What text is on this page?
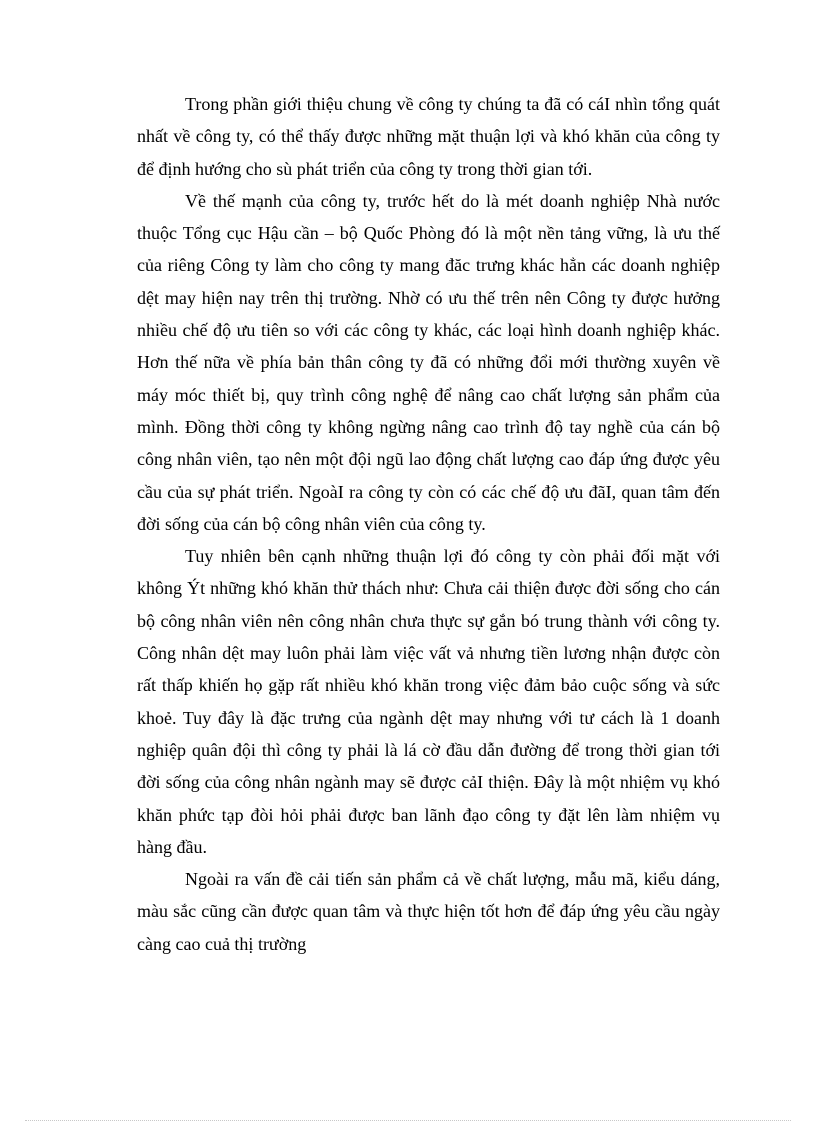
Trong phần giới thiệu chung về công ty chúng ta đã có cáI nhìn tổng quát nhất về công ty, có thể thấy được những mặt thuận lợi và khó khăn của công ty để định hướng cho sù phát triển của công ty trong thời gian tới.

Về thế mạnh của công ty, trước hết do là mét doanh nghiệp Nhà nước thuộc Tổng cục Hậu cần – bộ Quốc Phòng đó là một nền tảng vững, là ưu thế của riêng Công ty làm cho công ty mang đăc trưng khác hẳn các doanh nghiệp dệt may hiện nay trên thị trường. Nhờ có ưu thế trên nên Công ty được hưởng nhiều chế độ ưu tiên so với các công ty khác, các loại hình doanh nghiệp khác. Hơn thế nữa về phía bản thân công ty đã có những đổi mới thường xuyên về máy móc thiết bị, quy trình công nghệ để nâng cao chất lượng sản phẩm của mình. Đồng thời công ty không ngừng nâng cao trình độ tay nghề của cán bộ công nhân viên, tạo nên một đội ngũ lao động chất lượng cao đáp ứng được yêu cầu của sự phát triển. NgoàI ra công ty còn có các chế độ ưu đãI, quan tâm đến đời sống của cán bộ công nhân viên của công ty.

Tuy nhiên bên cạnh những thuận lợi đó công ty còn phải đối mặt với không Ýt những khó khăn thử thách như: Chưa cải thiện được đời sống cho cán bộ công nhân viên nên công nhân chưa thực sự gắn bó trung thành với công ty. Công nhân dệt may luôn phải làm việc vất vả nhưng tiền lương nhận được còn rất thấp khiến họ gặp rất nhiều khó khăn trong việc đảm bảo cuộc sống và sức khoẻ. Tuy đây là đặc trưng của ngành dệt may nhưng với tư cách là 1 doanh nghiệp quân đội thì công ty phải là lá cờ đầu dẫn đường để trong thời gian tới đời sống của công nhân ngành may sẽ được cảI thiện. Đây là một nhiệm vụ khó khăn phức tạp đòi hỏi phải được ban lãnh đạo công ty đặt lên làm nhiệm vụ hàng đầu.

Ngoài ra vấn đề cải tiến sản phẩm cả về chất lượng, mẫu mã, kiểu dáng, màu sắc cũng cần được quan tâm và thực hiện tốt hơn để đáp ứng yêu cầu ngày càng cao cuả thị trường
